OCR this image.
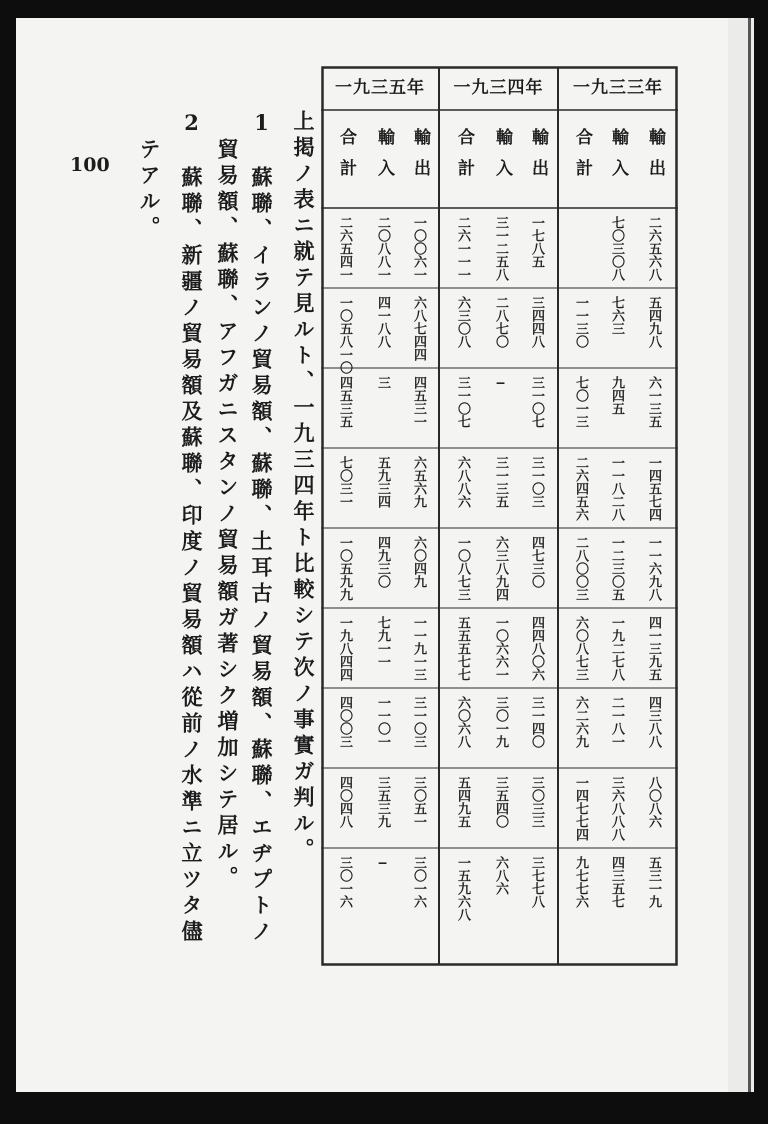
100	上掲ノ表ニ就テ見ルト、一九三四年ト比較シテ次ノ事實ガ判ル。
1　蘇聯、イランノ貿易額、蘇聯、土耳古ノ貿易額、蘇聯、エヂプトノ
貿易額、蘇聯、アフガニスタンノ貿易額ガ著シク増加シテ居ル。
2　蘇聯、新疆ノ貿易額及蘇聯、印度ノ貿易額ハ從前ノ水準ニ立ツタ儘
テアル。
一九三三年
一九三四年
一九三五年
輸出
輸入
合計
輸出
輸入
合計
輸出
輸入
合計
二六五六八
七〇三〇八
一七八五
三一二五八
二六一一一
一〇〇六一
二〇八八一
二六五四一
五四九八
七六三
一一三〇
三四四八
二八七〇
六三〇八
六八七四四
四一八八
一〇五八一〇
六一三五
九四五
七〇一三
三一〇七
—
三一〇七
四五三一
三
四五三五
一四五七四
一一八二八
二六四五六
三一〇三
三一三五
六八八六
六五六九
五九三四
七〇三一
一一六九八
一二三〇五
二八〇〇三
四七三〇
六三八九四
一〇八七三
六〇四九
四九三〇
一〇五九九
四一三九五
一九二七八
六〇八七三
四四八〇六
一〇六六一
五五五七七
一一九一三
七九一一
一九八四四
四三八八
二一八一
六二六九
三一四〇
三〇一九
六〇六八
三一〇三
一一〇一
四〇〇三
八〇八六
三六八八八
一四七七四
三〇三三
三五四〇
五四九五
三〇五一
三五三九
四〇四八
五三一九
四三五七
九七七六
三七七八
六八六
一五九六八
三〇一六
—
三〇一六
